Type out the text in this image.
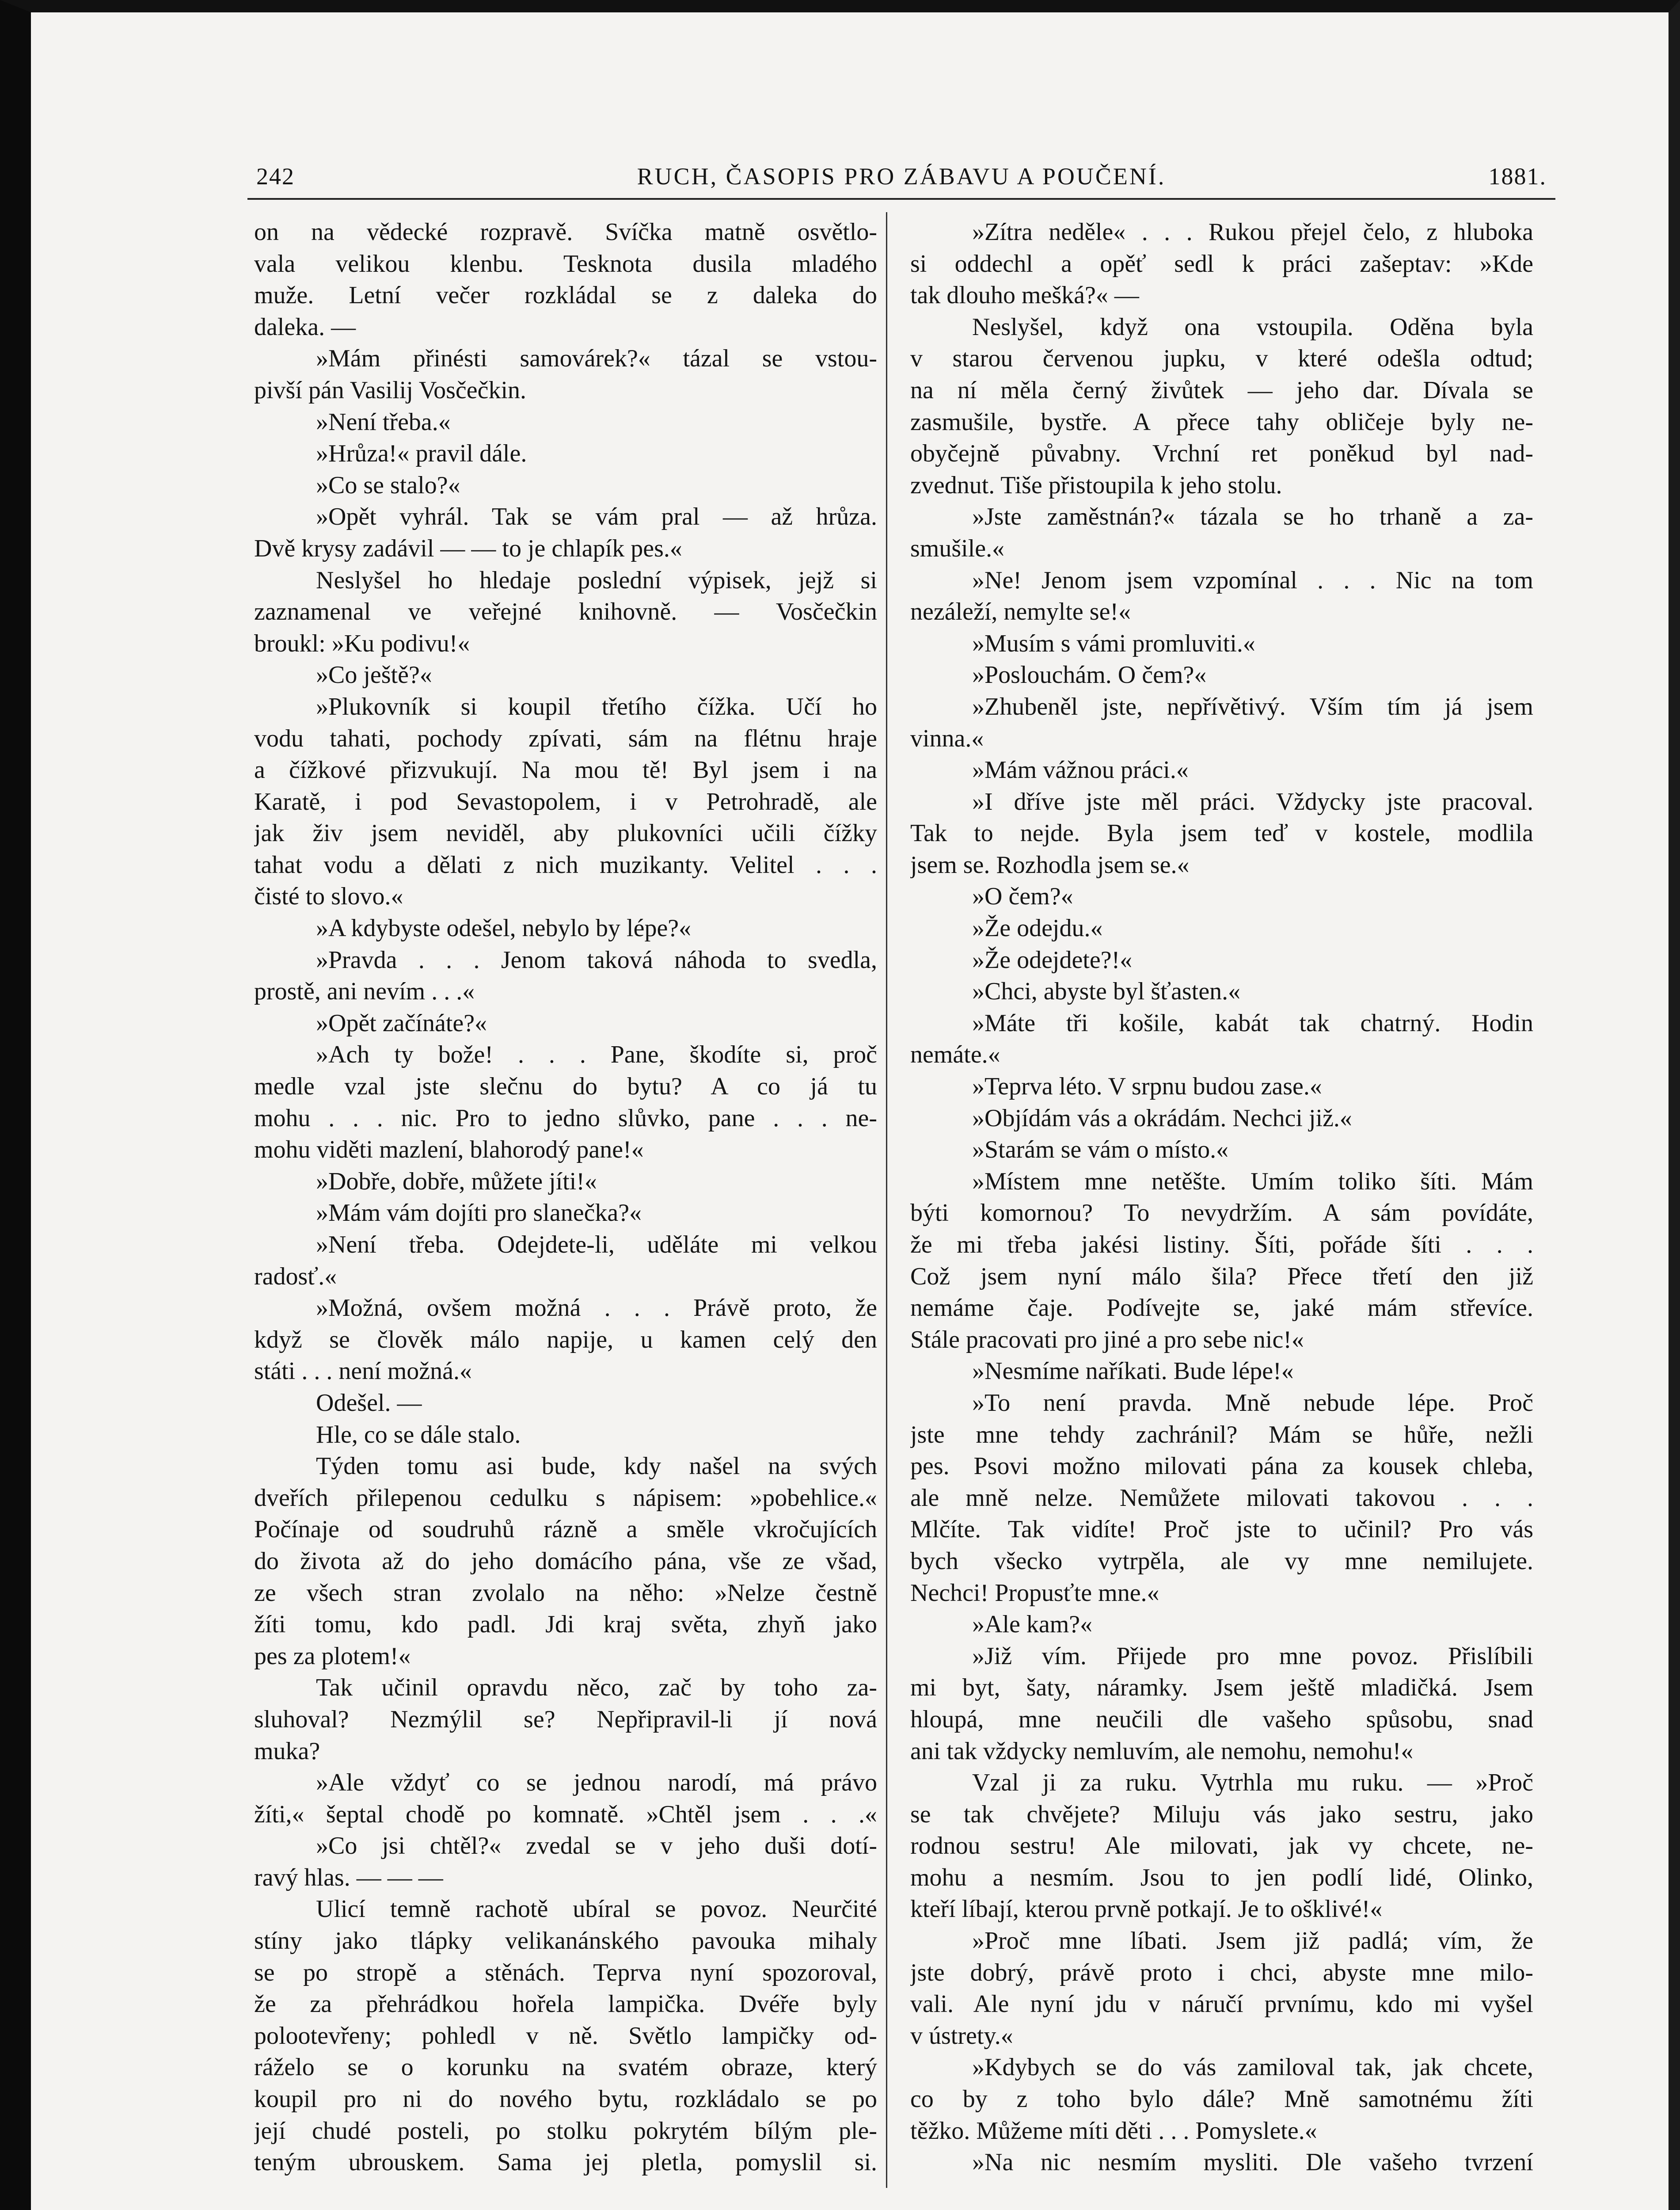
242	RUCH, ČASOPIS PRO ZÁBAVU A POUČENÍ.	1881.
on na vědecké rozpravě. Svíčka matně osvětlo-
vala velikou klenbu. Tesknota dusila mladého
muže. Letní večer rozkládal se z daleka do
daleka. —
»Mám přinésti samovárek?« tázal se vstou-
pivší pán Vasilij Vosčečkin.
»Není třeba.«
»Hrůza!« pravil dále.
»Co se stalo?«
»Opět vyhrál. Tak se vám pral — až hrůza.
Dvě krysy zadávil — — to je chlapík pes.«
Neslyšel ho hledaje poslední výpisek, jejž si
zaznamenal ve veřejné knihovně. — Vosčečkin
broukl: »Ku podivu!«
»Co ještě?«
»Plukovník si koupil třetího čížka. Učí ho
vodu tahati, pochody zpívati, sám na flétnu hraje
a čížkové přizvukují. Na mou tě! Byl jsem i na
Karatě, i pod Sevastopolem, i v Petrohradě, ale
jak živ jsem neviděl, aby plukovníci učili čížky
tahat vodu a dělati z nich muzikanty. Velitel . . .
čisté to slovo.«
»A kdybyste odešel, nebylo by lépe?«
»Pravda . . . Jenom taková náhoda to svedla,
prostě, ani nevím . . .«
»Opět začínáte?«
»Ach ty bože! . . . Pane, škodíte si, proč
medle vzal jste slečnu do bytu? A co já tu
mohu . . . nic. Pro to jedno slůvko, pane . . . ne-
mohu viděti mazlení, blahorodý pane!«
»Dobře, dobře, můžete jíti!«
»Mám vám dojíti pro slanečka?«
»Není třeba. Odejdete-li, uděláte mi velkou
radosť.«
»Možná, ovšem možná . . . Právě proto, že
když se člověk málo napije, u kamen celý den
státi . . . není možná.«
Odešel. —
Hle, co se dále stalo.
Týden tomu asi bude, kdy našel na svých
dveřích přilepenou cedulku s nápisem: »pobehlice.«
Počínaje od soudruhů rázně a směle vkročujících
do života až do jeho domácího pána, vše ze všad,
ze všech stran zvolalo na něho: »Nelze čestně
žíti tomu, kdo padl. Jdi kraj světa, zhyň jako
pes za plotem!«
Tak učinil opravdu něco, zač by toho za-
sluhoval? Nezmýlil se? Nepřipravil-li jí nová
muka?
»Ale vždyť co se jednou narodí, má právo
žíti,« šeptal chodě po komnatě. »Chtěl jsem . . .«
»Co jsi chtěl?« zvedal se v jeho duši dotí-
ravý hlas. — — —
Ulicí temně rachotě ubíral se povoz. Neurčité
stíny jako tlápky velikanánského pavouka mihaly
se po stropě a stěnách. Teprva nyní spozoroval,
že za přehrádkou hořela lampička. Dvéře byly
polootevřeny; pohledl v ně. Světlo lampičky od-
ráželo se o korunku na svatém obraze, který
koupil pro ni do nového bytu, rozkládalo se po
její chudé posteli, po stolku pokrytém bílým ple-
teným ubrouskem. Sama jej pletla, pomyslil si.
»Zítra neděle« . . . Rukou přejel čelo, z hluboka
si oddechl a opěť sedl k práci zašeptav: »Kde
tak dlouho mešká?« —
Neslyšel, když ona vstoupila. Oděna byla
v starou červenou jupku, v které odešla odtud;
na ní měla černý živůtek — jeho dar. Dívala se
zasmušile, bystře. A přece tahy obličeje byly ne-
obyčejně půvabny. Vrchní ret poněkud byl nad-
zvednut. Tiše přistoupila k jeho stolu.
»Jste zaměstnán?« tázala se ho trhaně a za-
smušile.«
»Ne! Jenom jsem vzpomínal . . . Nic na tom
nezáleží, nemylte se!«
»Musím s vámi promluviti.«
»Poslouchám. O čem?«
»Zhubeněl jste, nepřívětivý. Vším tím já jsem
vinna.«
»Mám vážnou práci.«
»I dříve jste měl práci. Vždycky jste pracoval.
Tak to nejde. Byla jsem teď v kostele, modlila
jsem se. Rozhodla jsem se.«
»O čem?«
»Že odejdu.«
»Že odejdete?!«
»Chci, abyste byl šťasten.«
»Máte tři košile, kabát tak chatrný. Hodin
nemáte.«
»Teprva léto. V srpnu budou zase.«
»Objídám vás a okrádám. Nechci již.«
»Starám se vám o místo.«
»Místem mne netěšte. Umím toliko šíti. Mám
býti komornou? To nevydržím. A sám povídáte,
že mi třeba jakési listiny. Šíti, pořáde šíti . . .
Což jsem nyní málo šila? Přece třetí den již
nemáme čaje. Podívejte se, jaké mám střevíce.
Stále pracovati pro jiné a pro sebe nic!«
»Nesmíme naříkati. Bude lépe!«
»To není pravda. Mně nebude lépe. Proč
jste mne tehdy zachránil? Mám se hůře, nežli
pes. Psovi možno milovati pána za kousek chleba,
ale mně nelze. Nemůžete milovati takovou . . .
Mlčíte. Tak vidíte! Proč jste to učinil? Pro vás
bych všecko vytrpěla, ale vy mne nemilujete.
Nechci! Propusťte mne.«
»Ale kam?«
»Již vím. Přijede pro mne povoz. Přislíbili
mi byt, šaty, náramky. Jsem ještě mladičká. Jsem
hloupá, mne neučili dle vašeho spůsobu, snad
ani tak vždycky nemluvím, ale nemohu, nemohu!«
Vzal ji za ruku. Vytrhla mu ruku. — »Proč
se tak chvějete? Miluju vás jako sestru, jako
rodnou sestru! Ale milovati, jak vy chcete, ne-
mohu a nesmím. Jsou to jen podlí lidé, Olinko,
kteří líbají, kterou prvně potkají. Je to ošklivé!«
»Proč mne líbati. Jsem již padlá; vím, že
jste dobrý, právě proto i chci, abyste mne milo-
vali. Ale nyní jdu v náručí prvnímu, kdo mi vyšel
v ústrety.«
»Kdybych se do vás zamiloval tak, jak chcete,
co by z toho bylo dále? Mně samotnému žíti
těžko. Můžeme míti děti . . . Pomyslete.«
»Na nic nesmím mysliti. Dle vašeho tvrzení
